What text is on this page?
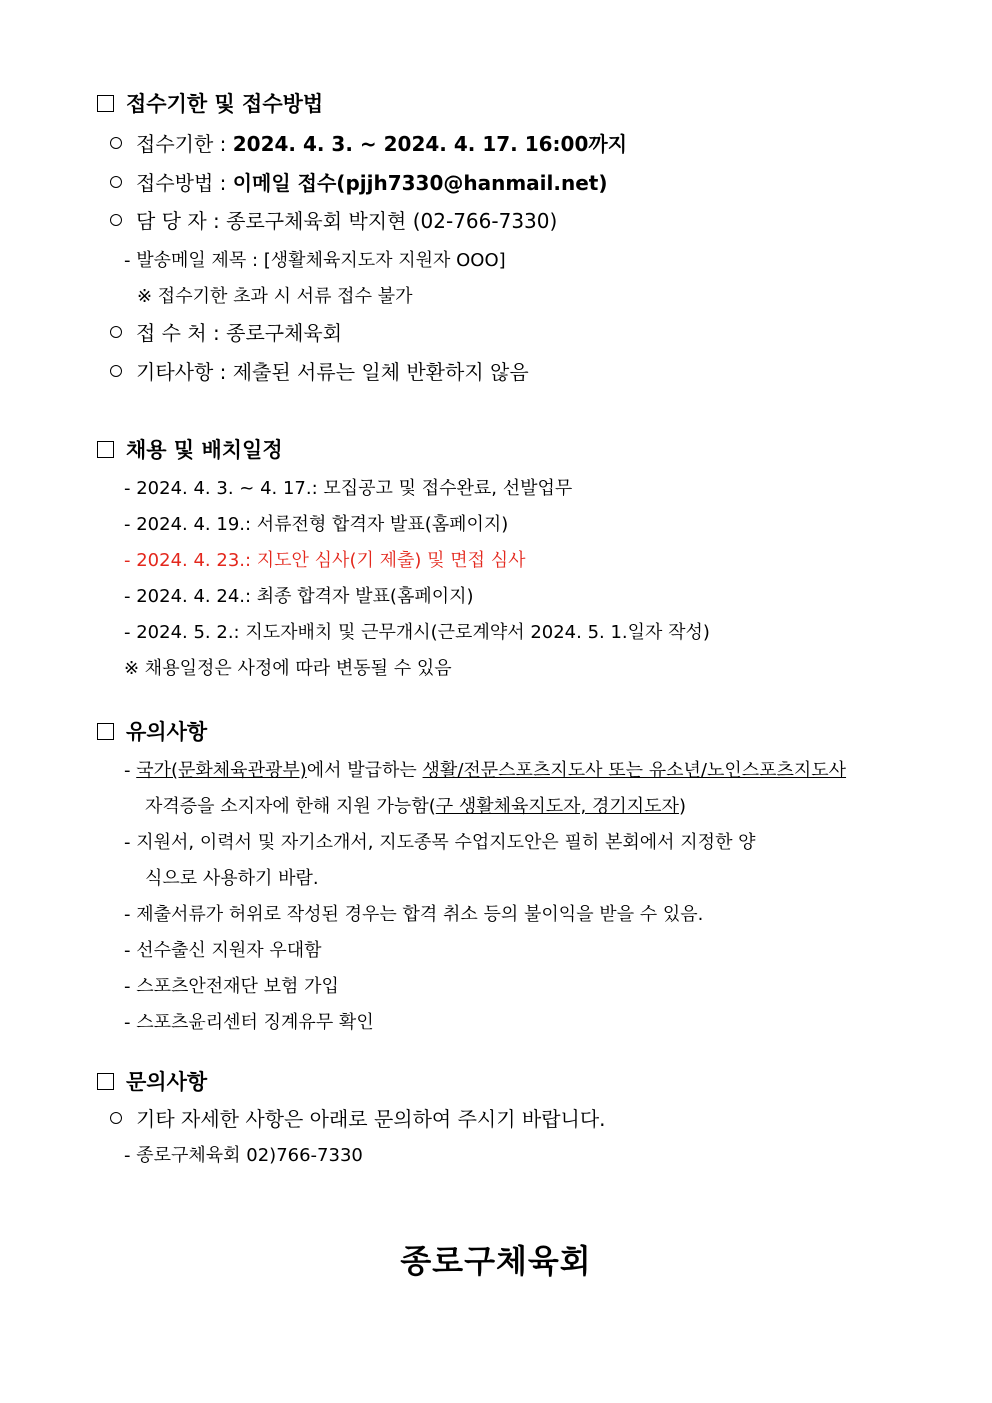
접수기한 및 접수방법
접수기한 : 2024. 4. 3. ~ 2024. 4. 17. 16:00까지
접수방법 : 이메일 접수(pjjh7330@hanmail.net)
담 당 자 : 종로구체육회 박지현 (02-766-7330)
- 발송메일 제목 : [생활체육지도자 지원자 OOO]
※ 접수기한 초과 시 서류 접수 불가
접 수 처 : 종로구체육회
기타사항 : 제출된 서류는 일체 반환하지 않음
채용 및 배치일정
- 2024. 4. 3. ~ 4. 17.: 모집공고 및 접수완료, 선발업무
- 2024. 4. 19.: 서류전형 합격자 발표(홈페이지)
- 2024. 4. 23.: 지도안 심사(기 제출) 및 면접 심사
- 2024. 4. 24.: 최종 합격자 발표(홈페이지)
- 2024. 5. 2.: 지도자배치 및 근무개시(근로계약서 2024. 5. 1.일자 작성)
※ 채용일정은 사정에 따라 변동될 수 있음
유의사항
- 국가(문화체육관광부)에서 발급하는 생활/전문스포츠지도사 또는 유소년/노인스포츠지도사
자격증을 소지자에 한해 지원 가능함(구 생활체육지도자, 경기지도자)
- 지원서, 이력서 및 자기소개서, 지도종목 수업지도안은 필히 본회에서 지정한 양
식으로 사용하기 바람.
- 제출서류가 허위로 작성된 경우는 합격 취소 등의 불이익을 받을 수 있음.
- 선수출신 지원자 우대함
- 스포츠안전재단 보험 가입
- 스포츠윤리센터 징계유무 확인
문의사항
기타 자세한 사항은 아래로 문의하여 주시기 바랍니다.
- 종로구체육회 02)766-7330
종로구체육회
